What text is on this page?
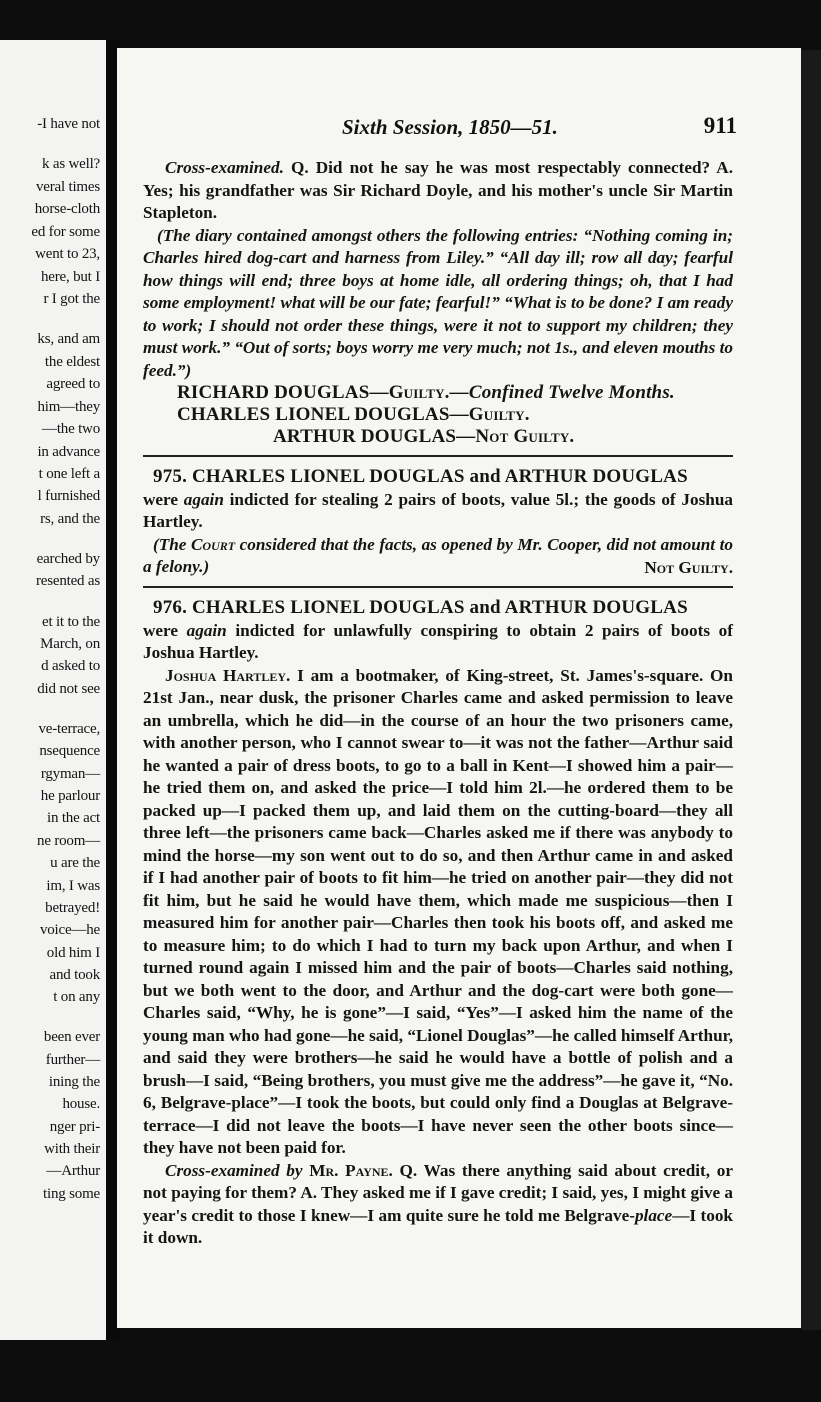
-I have not
k as well?
veral times
horse-cloth
ed for some
went to 23,
here, but I
r I got the
ks, and am
the eldest
agreed to
him—they
—the two
in advance
t one left a
l furnished
rs, and the
earched by
resented as
et it to the
March, on
d asked to
did not see
ve-terrace,
nsequence
rgyman—
he parlour
in the act
ne room—
u are the
im, I was
betrayed!
voice—he
old him I
and took
t on any
been ever
further—
ining the
house.
nger pri-
with their
—Arthur
ting some
Sixth Session, 1850—51.	911

Cross-examined. Q. Did not he say he was most respectably connected? A. Yes; his grandfather was Sir Richard Doyle, and his mother's uncle Sir Martin Stapleton.

(The diary contained amongst others the following entries: “Nothing coming in; Charles hired dog-cart and harness from Liley.” “All day ill; row all day; fearful how things will end; three boys at home idle, all ordering things; oh, that I had some employment! what will be our fate; fearful!” “What is to be done? I am ready to work; I should not order these things, were it not to support my children; they must work.” “Out of sorts; boys worry me very much; not 1s., and eleven mouths to feed.”)

RICHARD DOUGLAS—Guilty.—Confined Twelve Months.
CHARLES LIONEL DOUGLAS—Guilty.
ARTHUR DOUGLAS—Not Guilty.

975. CHARLES LIONEL DOUGLAS and ARTHUR DOUGLAS

were again indicted for stealing 2 pairs of boots, value 5l.; the goods of Joshua Hartley.

(The Court considered that the facts, as opened by Mr. Cooper, did not amount to a felony.)	Not Guilty.

976. CHARLES LIONEL DOUGLAS and ARTHUR DOUGLAS

were again indicted for unlawfully conspiring to obtain 2 pairs of boots of Joshua Hartley.

Joshua Hartley. I am a bootmaker, of King-street, St. James's-square. On 21st Jan., near dusk, the prisoner Charles came and asked permission to leave an umbrella, which he did—in the course of an hour the two prisoners came, with another person, who I cannot swear to—it was not the father—Arthur said he wanted a pair of dress boots, to go to a ball in Kent—I showed him a pair—he tried them on, and asked the price—I told him 2l.—he ordered them to be packed up—I packed them up, and laid them on the cutting-board—they all three left—the prisoners came back—Charles asked me if there was anybody to mind the horse—my son went out to do so, and then Arthur came in and asked if I had another pair of boots to fit him—he tried on another pair—they did not fit him, but he said he would have them, which made me suspicious—then I measured him for another pair—Charles then took his boots off, and asked me to measure him; to do which I had to turn my back upon Arthur, and when I turned round again I missed him and the pair of boots—Charles said nothing, but we both went to the door, and Arthur and the dog-cart were both gone—Charles said, “Why, he is gone”—I said, “Yes”—I asked him the name of the young man who had gone—he said, “Lionel Douglas”—he called himself Arthur, and said they were brothers—he said he would have a bottle of polish and a brush—I said, “Being brothers, you must give me the address”—he gave it, “No. 6, Belgrave-place”—I took the boots, but could only find a Douglas at Belgrave-terrace—I did not leave the boots—I have never seen the other boots since—they have not been paid for.

Cross-examined by Mr. Payne. Q. Was there anything said about credit, or not paying for them? A. They asked me if I gave credit; I said, yes, I might give a year's credit to those I knew—I am quite sure he told me Belgrave-place—I took it down.
